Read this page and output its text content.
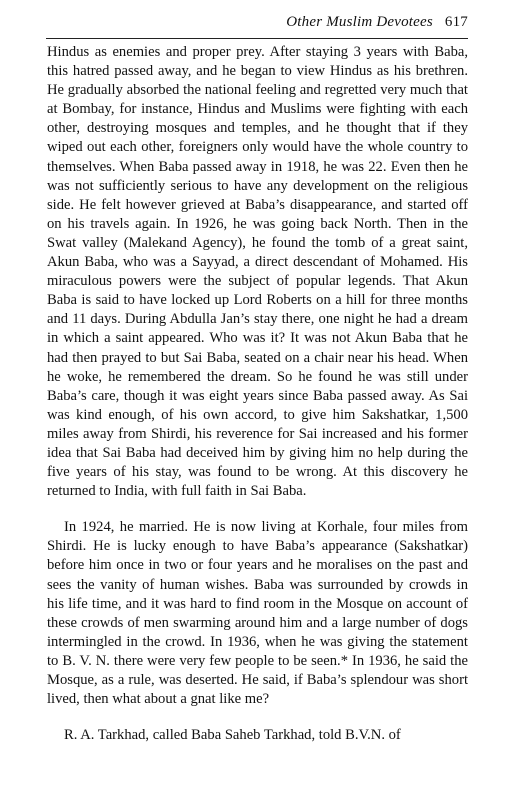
Other Muslim Devotees 617

Hindus as enemies and proper prey. After staying 3 years with Baba, this hatred passed away, and he began to view Hindus as his brethren. He gradually absorbed the national feeling and regretted very much that at Bombay, for instance, Hindus and Muslims were fighting with each other, destroying mosques and temples, and he thought that if they wiped out each other, foreigners only would have the whole country to themselves. When Baba passed away in 1918, he was 22. Even then he was not sufficiently serious to have any development on the religious side. He felt however grieved at Baba’s disappearance, and started off on his travels again. In 1926, he was going back North. Then in the Swat valley (Malekand Agency), he found the tomb of a great saint, Akun Baba, who was a Sayyad, a direct descendant of Mohamed. His miraculous powers were the subject of popular legends. That Akun Baba is said to have locked up Lord Roberts on a hill for three months and 11 days. During Abdulla Jan’s stay there, one night he had a dream in which a saint appeared. Who was it? It was not Akun Baba that he had then prayed to but Sai Baba, seated on a chair near his head. When he woke, he remembered the dream. So he found he was still under Baba’s care, though it was eight years since Baba passed away. As Sai was kind enough, of his own accord, to give him Sakshatkar, 1,500 miles away from Shirdi, his reverence for Sai increased and his former idea that Sai Baba had deceived him by giving him no help during the five years of his stay, was found to be wrong. At this discovery he returned to India, with full faith in Sai Baba.

In 1924, he married. He is now living at Korhale, four miles from Shirdi. He is lucky enough to have Baba’s appearance (Sakshatkar) before him once in two or four years and he moralises on the past and sees the vanity of human wishes. Baba was surrounded by crowds in his life time, and it was hard to find room in the Mosque on account of these crowds of men swarming around him and a large number of dogs intermingled in the crowd. In 1936, when he was giving the statement to B. V. N. there were very few people to be seen.* In 1936, he said the Mosque, as a rule, was deserted. He said, if Baba’s splendour was short lived, then what about a gnat like me?

R. A. Tarkhad, called Baba Saheb Tarkhad, told B.V.N. of
